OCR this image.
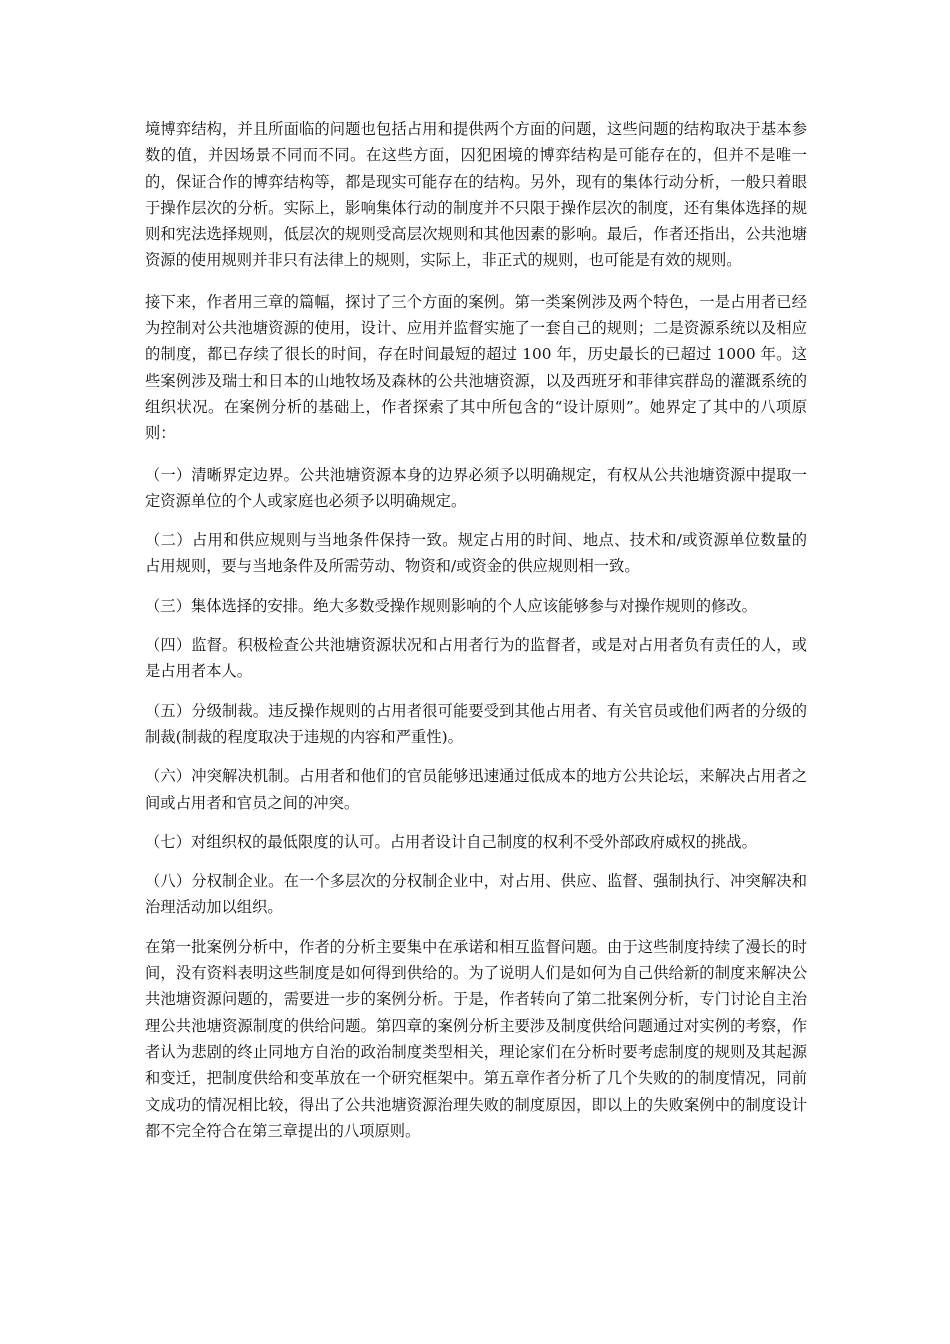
境博弈结构，并且所面临的问题也包括占用和提供两个方面的问题，这些问题的结构取决于基本参数的值，并因场景不同而不同。在这些方面，囚犯困境的博弈结构是可能存在的，但并不是唯一的，保证合作的博弈结构等，都是现实可能存在的结构。另外，现有的集体行动分析，一般只着眼于操作层次的分析。实际上，影响集体行动的制度并不只限于操作层次的制度，还有集体选择的规则和宪法选择规则，低层次的规则受高层次规则和其他因素的影响。最后，作者还指出，公共池塘资源的使用规则并非只有法律上的规则，实际上，非正式的规则，也可能是有效的规则。

接下来，作者用三章的篇幅，探讨了三个方面的案例。第一类案例涉及两个特色，一是占用者已经为控制对公共池塘资源的使用，设计、应用并监督实施了一套自己的规则；二是资源系统以及相应的制度，都已存续了很长的时间，存在时间最短的超过 100 年，历史最长的已超过 1000 年。这些案例涉及瑞士和日本的山地牧场及森林的公共池塘资源，以及西班牙和菲律宾群岛的灌溉系统的组织状况。在案例分析的基础上，作者探索了其中所包含的“设计原则”。她界定了其中的八项原则：

（一）清晰界定边界。公共池塘资源本身的边界必须予以明确规定，有权从公共池塘资源中提取一定资源单位的个人或家庭也必须予以明确规定。

（二）占用和供应规则与当地条件保持一致。规定占用的时间、地点、技术和/或资源单位数量的占用规则，要与当地条件及所需劳动、物资和/或资金的供应规则相一致。

（三）集体选择的安排。绝大多数受操作规则影响的个人应该能够参与对操作规则的修改。

（四）监督。积极检查公共池塘资源状况和占用者行为的监督者，或是对占用者负有责任的人，或是占用者本人。

（五）分级制裁。违反操作规则的占用者很可能要受到其他占用者、有关官员或他们两者的分级的制裁(制裁的程度取决于违规的内容和严重性)。

（六）冲突解决机制。占用者和他们的官员能够迅速通过低成本的地方公共论坛，来解决占用者之间或占用者和官员之间的冲突。

（七）对组织权的最低限度的认可。占用者设计自己制度的权利不受外部政府威权的挑战。

（八）分权制企业。在一个多层次的分权制企业中，对占用、供应、监督、强制执行、冲突解决和治理活动加以组织。

在第一批案例分析中，作者的分析主要集中在承诺和相互监督问题。由于这些制度持续了漫长的时间，没有资料表明这些制度是如何得到供给的。为了说明人们是如何为自己供给新的制度来解决公共池塘资源问题的，需要进一步的案例分析。于是，作者转向了第二批案例分析，专门讨论自主治理公共池塘资源制度的供给问题。第四章的案例分析主要涉及制度供给问题通过对实例的考察，作者认为悲剧的终止同地方自治的政治制度类型相关，理论家们在分析时要考虑制度的规则及其起源和变迁，把制度供给和变革放在一个研究框架中。第五章作者分析了几个失败的的制度情况，同前文成功的情况相比较，得出了公共池塘资源治理失败的制度原因，即以上的失败案例中的制度设计都不完全符合在第三章提出的八项原则。
